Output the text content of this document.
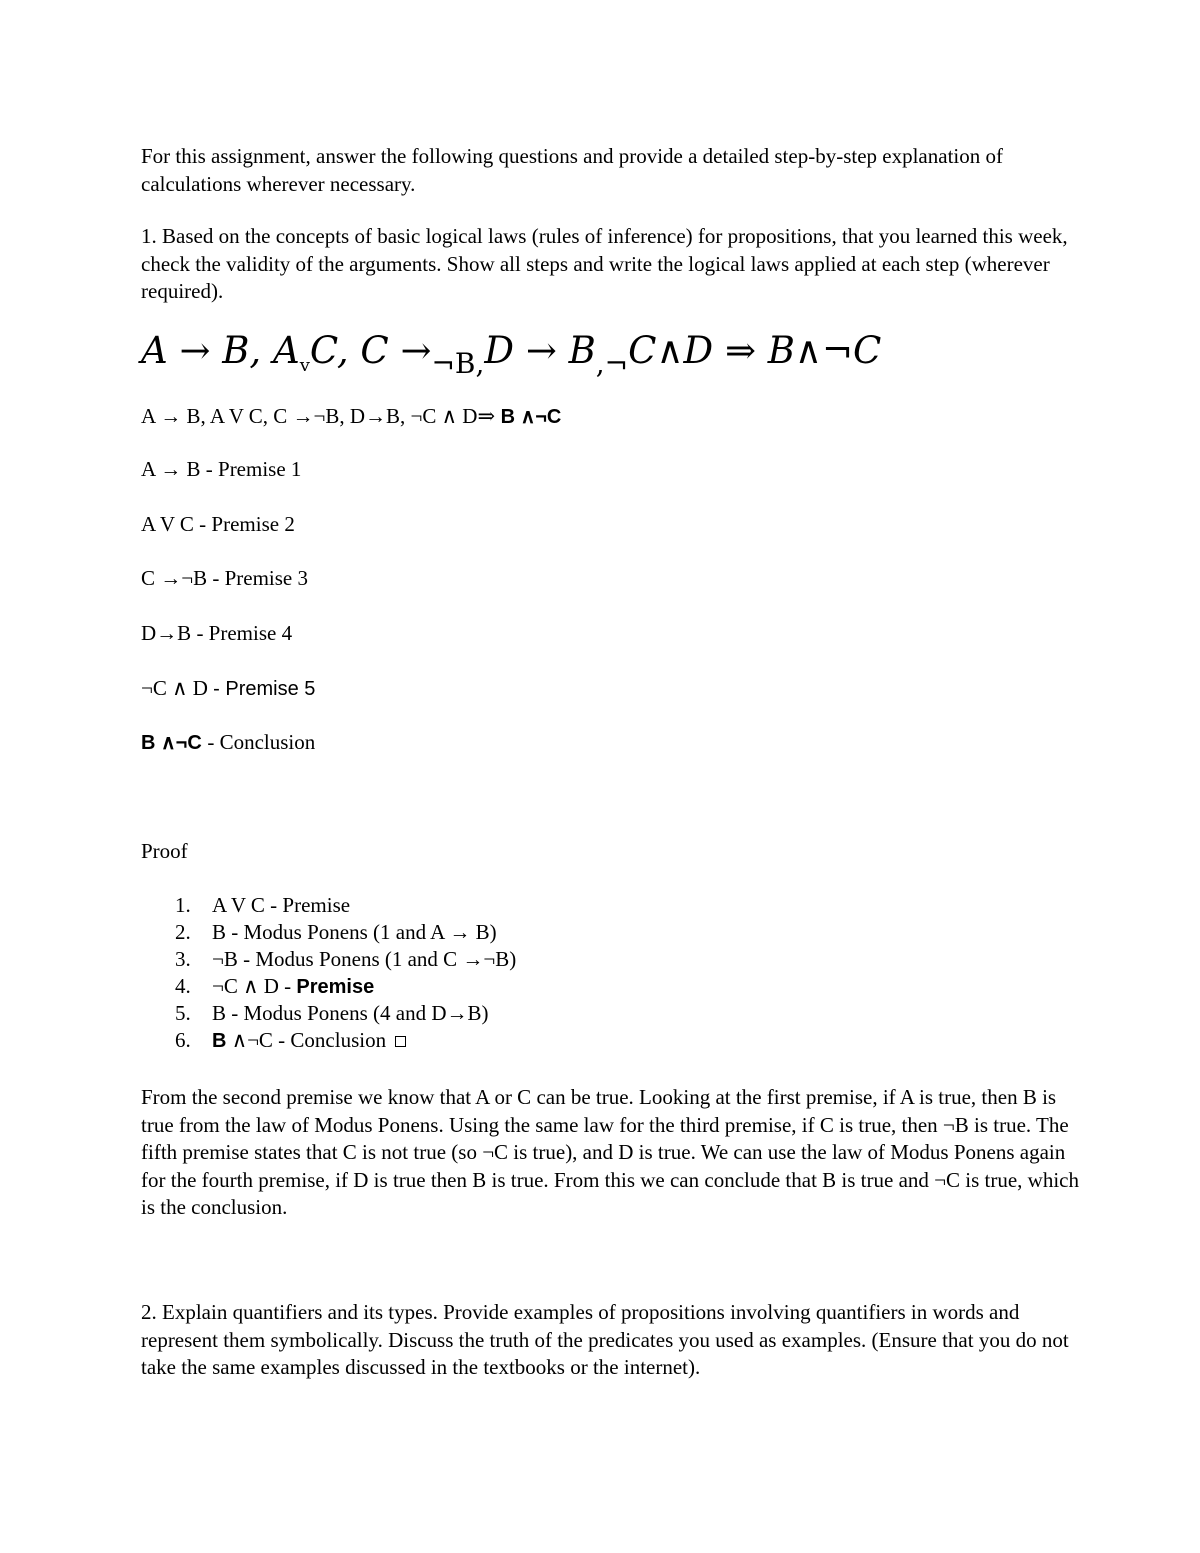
For this assignment, answer the following questions and provide a detailed step-by-step explanation of calculations wherever necessary.
1. Based on the concepts of basic logical laws (rules of inference) for propositions, that you learned this week, check the validity of the arguments. Show all steps and write the logical laws applied at each step (wherever required).
A → B, $A_vC$, $C \to_{\neg B,}D$ → $B_{,\neg}C\wedge D$ ⇒ B∧¬C
A → B, A V C, C →¬B, D→B, ¬C ∧ D⇒ B ∧¬C
A → B - Premise 1
A V C - Premise 2
C →¬B - Premise 3
D→B - Premise 4
¬C ∧ D - Premise 5
B ∧¬C - Conclusion
Proof
1. A V C - Premise
2. B - Modus Ponens (1 and A → B)
3. ¬B - Modus Ponens (1 and C →¬B)
4. ¬C ∧ D - Premise
5. B - Modus Ponens (4 and D→B)
6. B ∧¬C - Conclusion
From the second premise we know that A or C can be true. Looking at the first premise, if A is true, then B is true from the law of Modus Ponens. Using the same law for the third premise, if C is true, then ¬B is true. The fifth premise states that C is not true (so ¬C is true), and D is true. We can use the law of Modus Ponens again for the fourth premise, if D is true then B is true. From this we can conclude that B is true and ¬C is true, which is the conclusion.
2. Explain quantifiers and its types. Provide examples of propositions involving quantifiers in words and represent them symbolically. Discuss the truth of the predicates you used as examples. (Ensure that you do not take the same examples discussed in the textbooks or the internet).
